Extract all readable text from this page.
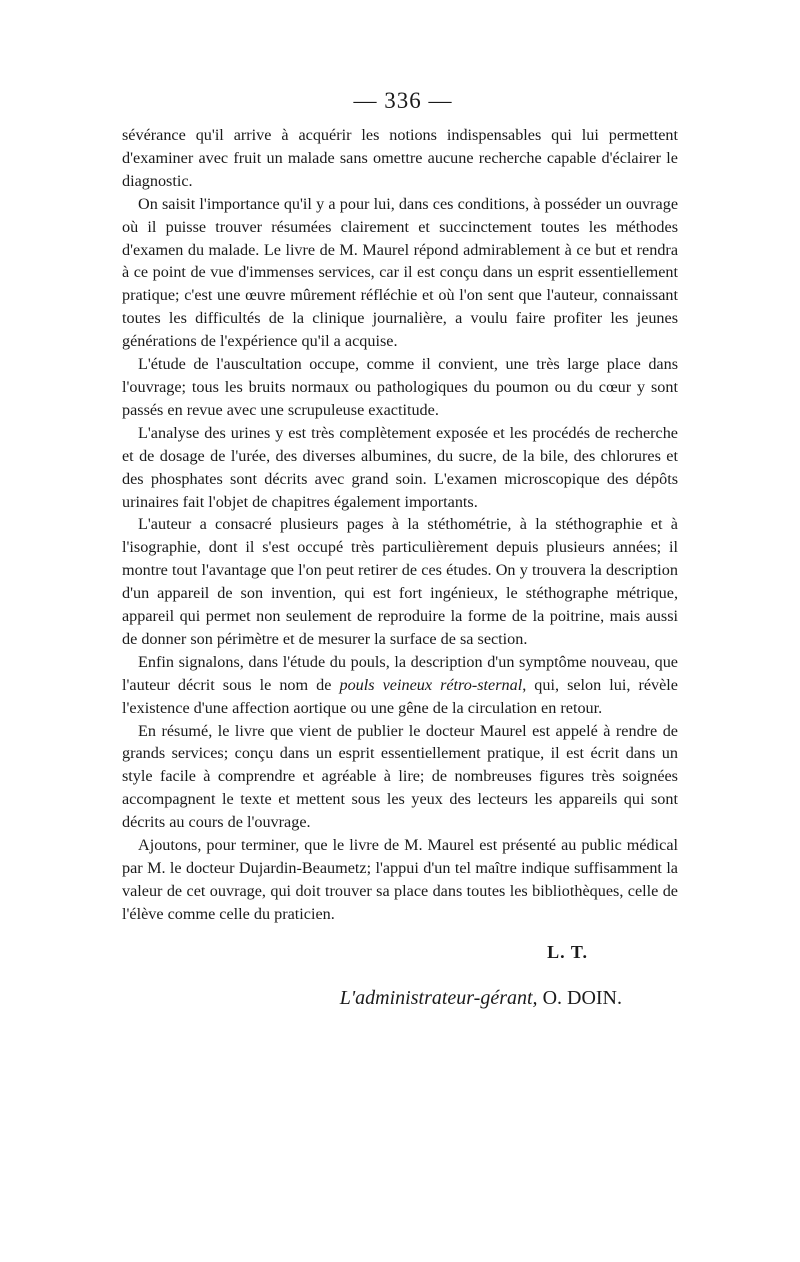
— 336 —

sévérance qu'il arrive à acquérir les notions indispensables qui lui permettent d'examiner avec fruit un malade sans omettre aucune recherche capable d'éclairer le diagnostic.

On saisit l'importance qu'il y a pour lui, dans ces conditions, à posséder un ouvrage où il puisse trouver résumées clairement et succinctement toutes les méthodes d'examen du malade. Le livre de M. Maurel répond admirablement à ce but et rendra à ce point de vue d'immenses services, car il est conçu dans un esprit essentiellement pratique; c'est une œuvre mûrement réfléchie et où l'on sent que l'auteur, connaissant toutes les difficultés de la clinique journalière, a voulu faire profiter les jeunes générations de l'expérience qu'il a acquise.

L'étude de l'auscultation occupe, comme il convient, une très large place dans l'ouvrage; tous les bruits normaux ou pathologiques du poumon ou du cœur y sont passés en revue avec une scrupuleuse exactitude.

L'analyse des urines y est très complètement exposée et les procédés de recherche et de dosage de l'urée, des diverses albumines, du sucre, de la bile, des chlorures et des phosphates sont décrits avec grand soin. L'examen microscopique des dépôts urinaires fait l'objet de chapitres également importants.

L'auteur a consacré plusieurs pages à la stéthométrie, à la stéthographie et à l'isographie, dont il s'est occupé très particulièrement depuis plusieurs années; il montre tout l'avantage que l'on peut retirer de ces études. On y trouvera la description d'un appareil de son invention, qui est fort ingénieux, le stéthographe métrique, appareil qui permet non seulement de reproduire la forme de la poitrine, mais aussi de donner son périmètre et de mesurer la surface de sa section.

Enfin signalons, dans l'étude du pouls, la description d'un symptôme nouveau, que l'auteur décrit sous le nom de pouls veineux rétro-sternal, qui, selon lui, révèle l'existence d'une affection aortique ou une gêne de la circulation en retour.

En résumé, le livre que vient de publier le docteur Maurel est appelé à rendre de grands services; conçu dans un esprit essentiellement pratique, il est écrit dans un style facile à comprendre et agréable à lire; de nombreuses figures très soignées accompagnent le texte et mettent sous les yeux des lecteurs les appareils qui sont décrits au cours de l'ouvrage.

Ajoutons, pour terminer, que le livre de M. Maurel est présenté au public médical par M. le docteur Dujardin-Beaumetz; l'appui d'un tel maître indique suffisamment la valeur de cet ouvrage, qui doit trouver sa place dans toutes les bibliothèques, celle de l'élève comme celle du praticien.

L. T.
L'administrateur-gérant, O. DOIN.
